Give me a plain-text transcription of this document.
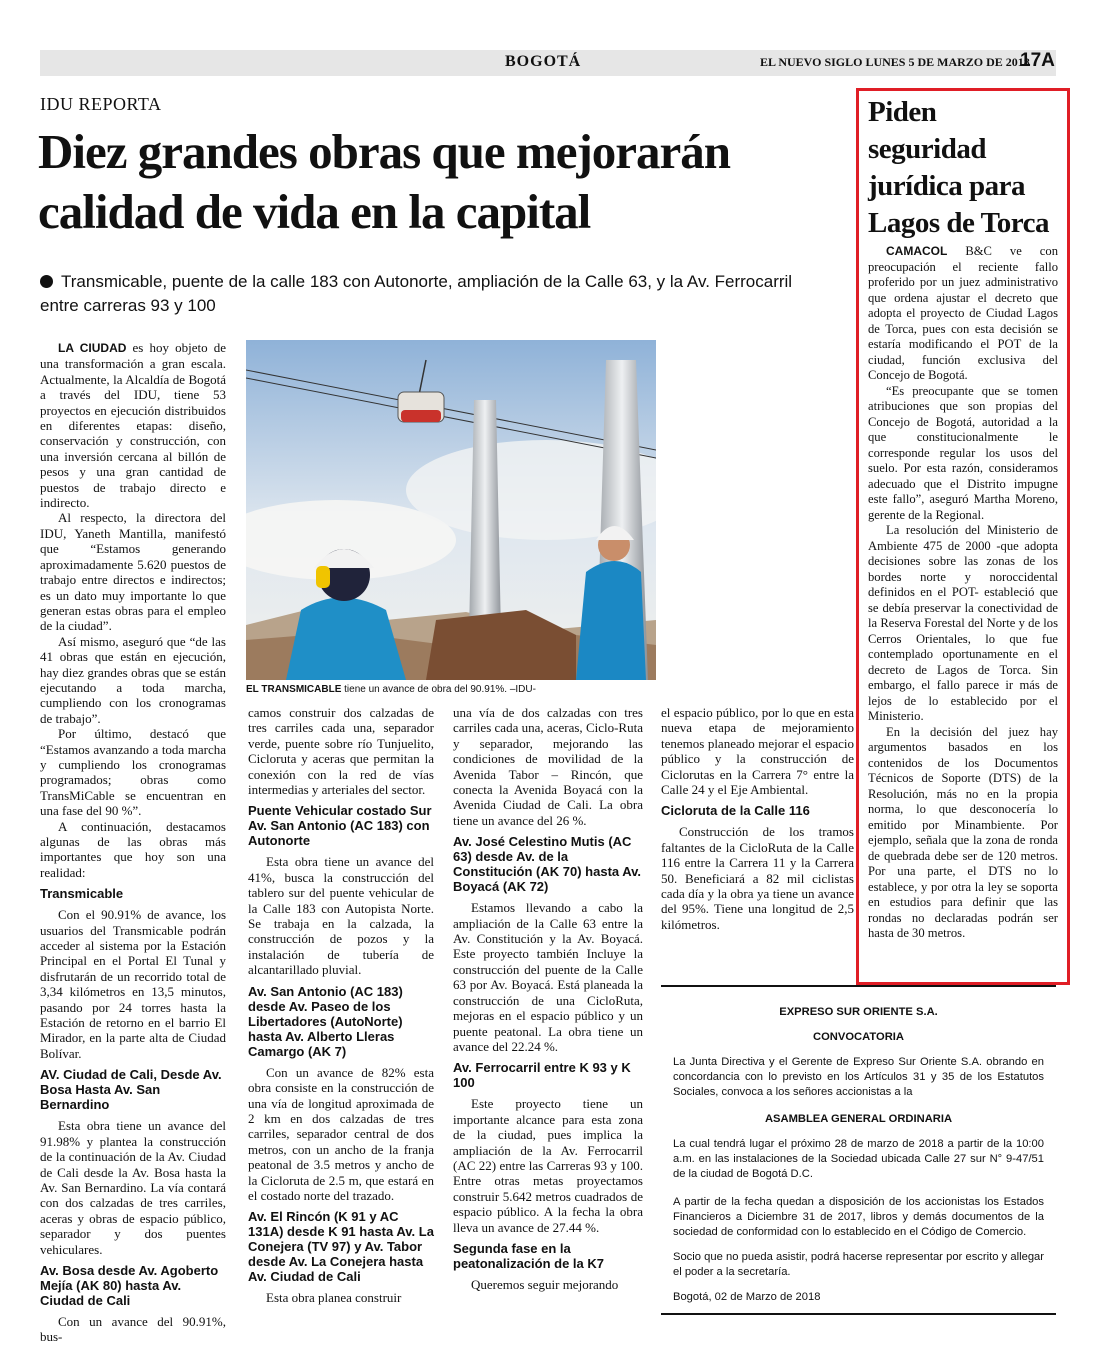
BOGOTÁ	EL NUEVO SIGLO LUNES 5 DE MARZO DE 2018
17A
IDU REPORTA
Diez grandes obras que mejorarán calidad de vida en la capital
Transmicable, puente de la calle 183 con Autonorte, ampliación de la Calle 63, y la Av. Ferrocarril entre carreras 93 y 100

LA CIUDAD es hoy objeto de una transformación a gran escala. Actualmente, la Alcaldía de Bogotá a través del IDU, tiene 53 proyectos en ejecución distribuidos en diferentes etapas: diseño, conservación y construcción, con una inversión cercana al billón de pesos y una gran cantidad de puestos de trabajo directo e indirecto.

Al respecto, la directora del IDU, Yaneth Mantilla, manifestó que “Estamos generando aproximadamente 5.620 puestos de trabajo entre directos e indirectos; es un dato muy importante lo que generan estas obras para el empleo de la ciudad”.

Así mismo, aseguró que “de las 41 obras que están en ejecución, hay diez grandes obras que se están ejecutando a toda marcha, cumpliendo con los cronogramas de trabajo”.

Por último, destacó que “Estamos avanzando a toda marcha y cumpliendo los cronogramas programados; obras como TransMiCable se encuentran en una fase del 90 %”.

A continuación, destacamos algunas de las obras más importantes que hoy son una realidad:

Transmicable

Con el 90.91% de avance, los usuarios del Transmicable podrán acceder al sistema por la Estación Principal en el Portal El Tunal y disfrutarán de un recorrido total de 3,34 kilómetros en 13,5 minutos, pasando por 24 torres hasta la Estación de retorno en el barrio El Mirador, en la parte alta de Ciudad Bolívar.

AV. Ciudad de Cali, Desde Av. Bosa Hasta Av. San Bernardino

Esta obra tiene un avance del 91.98% y plantea la construcción de la continuación de la Av. Ciudad de Cali desde la Av. Bosa hasta la Av. San Bernardino. La vía contará con dos calzadas de tres carriles, aceras y obras de espacio público, separador y dos puentes vehiculares.

Av. Bosa desde Av. Agoberto Mejía (AK 80) hasta Av. Ciudad de Cali

Con un avance del 90.91%, bus-

EL TRANSMICABLE tiene un avance de obra del 90.91%. –IDU-

camos construir dos calzadas de tres carriles cada una, separador verde, puente sobre río Tunjuelito, Cicloruta y aceras que permitan la conexión con la red de vías intermedias y arteriales del sector.

Puente Vehicular costado Sur Av. San Antonio (AC 183) con Autonorte

Esta obra tiene un avance del 41%, busca la construcción del tablero sur del puente vehicular de la Calle 183 con Autopista Norte. Se trabaja en la calzada, la construcción de pozos y la instalación de tubería de alcantarillado pluvial.

Av. San Antonio (AC 183) desde Av. Paseo de los Libertadores (AutoNorte) hasta Av. Alberto Lleras Camargo (AK 7)

Con un avance de 82% esta obra consiste en la construcción de una vía de longitud aproximada de 2 km en dos calzadas de tres carriles, separador central de dos metros, con un ancho de la franja peatonal de 3.5 metros y ancho de la Cicloruta de 2.5 m, que estará en el costado norte del trazado.

Av. El Rincón (K 91 y AC 131A) desde K 91 hasta Av. La Conejera (TV 97) y Av. Tabor desde Av. La Conejera hasta Av. Ciudad de Cali

Esta obra planea construir

una vía de dos calzadas con tres carriles cada una, aceras, Ciclo-Ruta y separador, mejorando las condiciones de movilidad de la Avenida Tabor – Rincón, que conecta la Avenida Boyacá con la Avenida Ciudad de Cali. La obra tiene un avance del 26 %.

Av. José Celestino Mutis (AC 63) desde Av. de la Constitución (AK 70) hasta Av. Boyacá (AK 72)

Estamos llevando a cabo la ampliación de la Calle 63 entre la Av. Constitución y la Av. Boyacá. Este proyecto también Incluye la construcción del puente de la Calle 63 por Av. Boyacá. Está planeada la construcción de una CicloRuta, mejoras en el espacio público y un puente peatonal. La obra tiene un avance del 22.24 %.

Av. Ferrocarril entre K 93 y K 100

Este proyecto tiene un importante alcance para esta zona de la ciudad, pues implica la ampliación de la Av. Ferrocarril (AC 22) entre las Carreras 93 y 100. Entre otras metas proyectamos construir 5.642 metros cuadrados de espacio público. A la fecha la obra lleva un avance de 27.44 %.

Segunda fase en la peatonalización de la K7

Queremos seguir mejorando

el espacio público, por lo que en esta nueva etapa de mejoramiento tenemos planeado mejorar el espacio público y la construcción de Ciclorutas en la Carrera 7° entre la Calle 24 y el Eje Ambiental.

Cicloruta de la Calle 116

Construcción de los tramos faltantes de la CicloRuta de la Calle 116 entre la Carrera 11 y la Carrera 50. Beneficiará a 82 mil ciclistas cada día y la obra ya tiene un avance del 95%. Tiene una longitud de 2,5 kilómetros.

Piden seguridad jurídica para Lagos de Torca

CAMACOL B&C ve con preocupación el reciente fallo proferido por un juez administrativo que ordena ajustar el decreto que adopta el proyecto de Ciudad Lagos de Torca, pues con esta decisión se estaría modificando el POT de la ciudad, función exclusiva del Concejo de Bogotá.

“Es preocupante que se tomen atribuciones que son propias del Concejo de Bogotá, autoridad a la que constitucionalmente le corresponde regular los usos del suelo. Por esta razón, consideramos adecuado que el Distrito impugne este fallo”, aseguró Martha Moreno, gerente de la Regional.

La resolución del Ministerio de Ambiente 475 de 2000 -que adopta decisiones sobre las zonas de los bordes norte y noroccidental definidos en el POT- estableció que se debía preservar la conectividad de la Reserva Forestal del Norte y de los Cerros Orientales, lo que fue contemplado oportunamente en el decreto de Lagos de Torca. Sin embargo, el fallo parece ir más de lejos de lo establecido por el Ministerio.

En la decisión del juez hay argumentos basados en los contenidos de los Documentos Técnicos de Soporte (DTS) de la Resolución, más no en la propia norma, lo que desconocería lo emitido por Minambiente. Por ejemplo, señala que la zona de ronda de quebrada debe ser de 120 metros. Por una parte, el DTS no lo establece, y por otra la ley se soporta en estudios para definir que las rondas no declaradas podrán ser hasta de 30 metros.

EXPRESO SUR ORIENTE S.A.
CONVOCATORIA
La Junta Directiva y el Gerente de Expreso Sur Oriente S.A. obrando en concordancia con lo previsto en los Artículos 31 y 35 de los Estatutos Sociales, convoca a los señores accionistas a la
ASAMBLEA GENERAL ORDINARIA
La cual tendrá lugar el próximo 28 de marzo de 2018 a partir de la 10:00 a.m. en las instalaciones de la Sociedad ubicada Calle 27 sur N° 9-47/51 de la ciudad de Bogotá D.C.
A partir de la fecha quedan a disposición de los accionistas los Estados Financieros a Diciembre 31 de 2017, libros y demás documentos de la sociedad de conformidad con lo establecido en el Código de Comercio.
Socio que no pueda asistir, podrá hacerse representar por escrito y allegar el poder a la secretaría.
Bogotá, 02 de Marzo de 2018
